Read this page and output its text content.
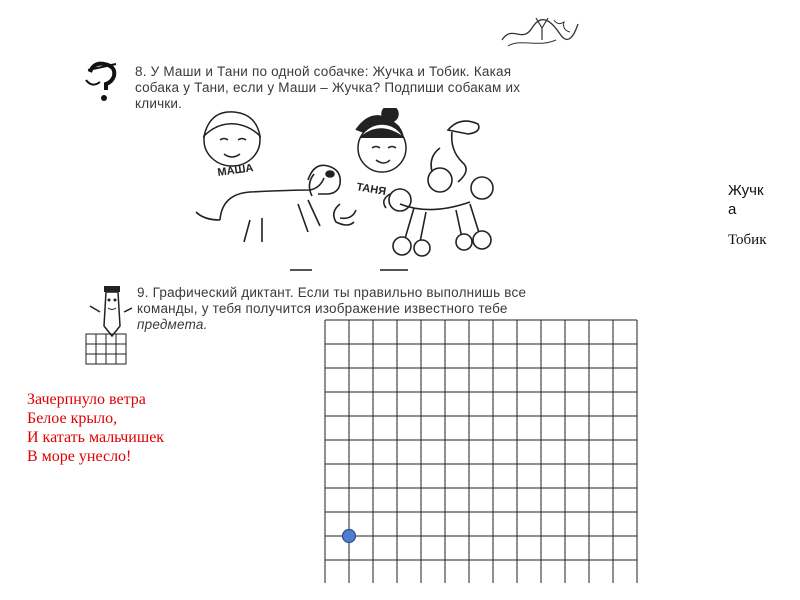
8. У Маши и Тани по одной собачке: Жучка и Тобик. Какая
собака у Тани, если у Маши – Жучка? Подпиши собакам их
клички.
МАША
ТАНЯ
9. Графический диктант. Если ты правильно выполнишь все
команды, у тебя получится изображение известного тебе
предмета.
Зачерпнуло ветра
Белое крыло,
И катать мальчишек
В море унесло!
Жучк
а
Тобик
